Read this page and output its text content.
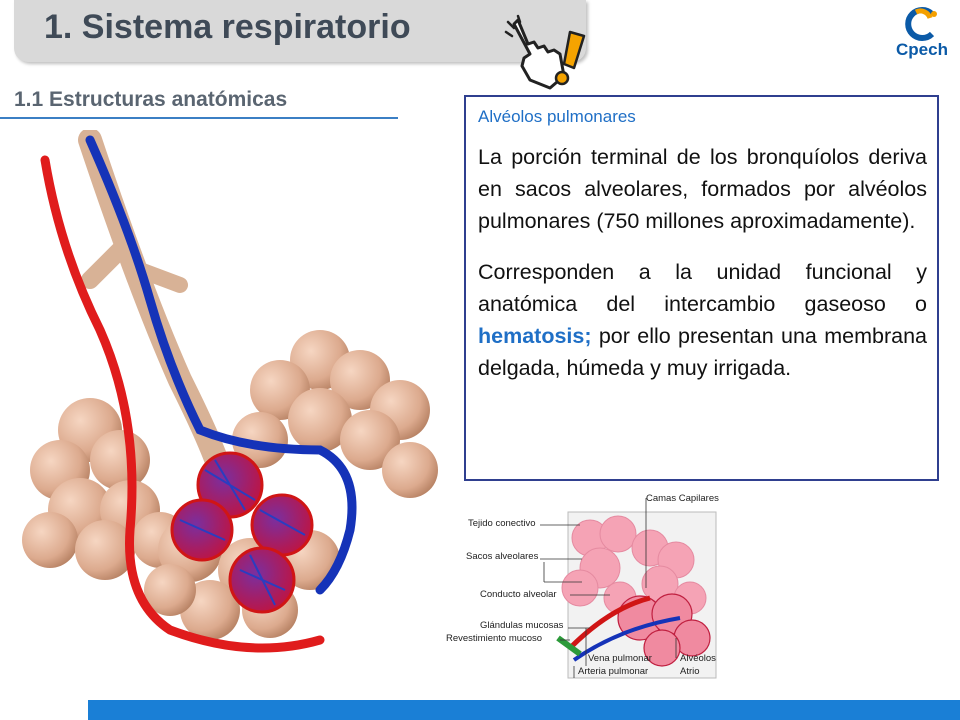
1. Sistema respiratorio
Cpech
1.1 Estructuras anatómicas
Alvéolos pulmonares

La porción terminal de los bronquíolos deriva en sacos alveolares, formados por alvéolos pulmonares (750 millones aproximadamente).

Corresponden a la unidad funcional y anatómica del intercambio gaseoso o hematosis; por ello presentan una membrana delgada, húmeda y muy irrigada.

Camas Capilares
Tejido conectivo
Sacos alveolares
Conducto alveolar
Glándulas mucosas
Revestimiento mucoso
Vena pulmonar
Arteria pulmonar
Alvéolos
Atrio
